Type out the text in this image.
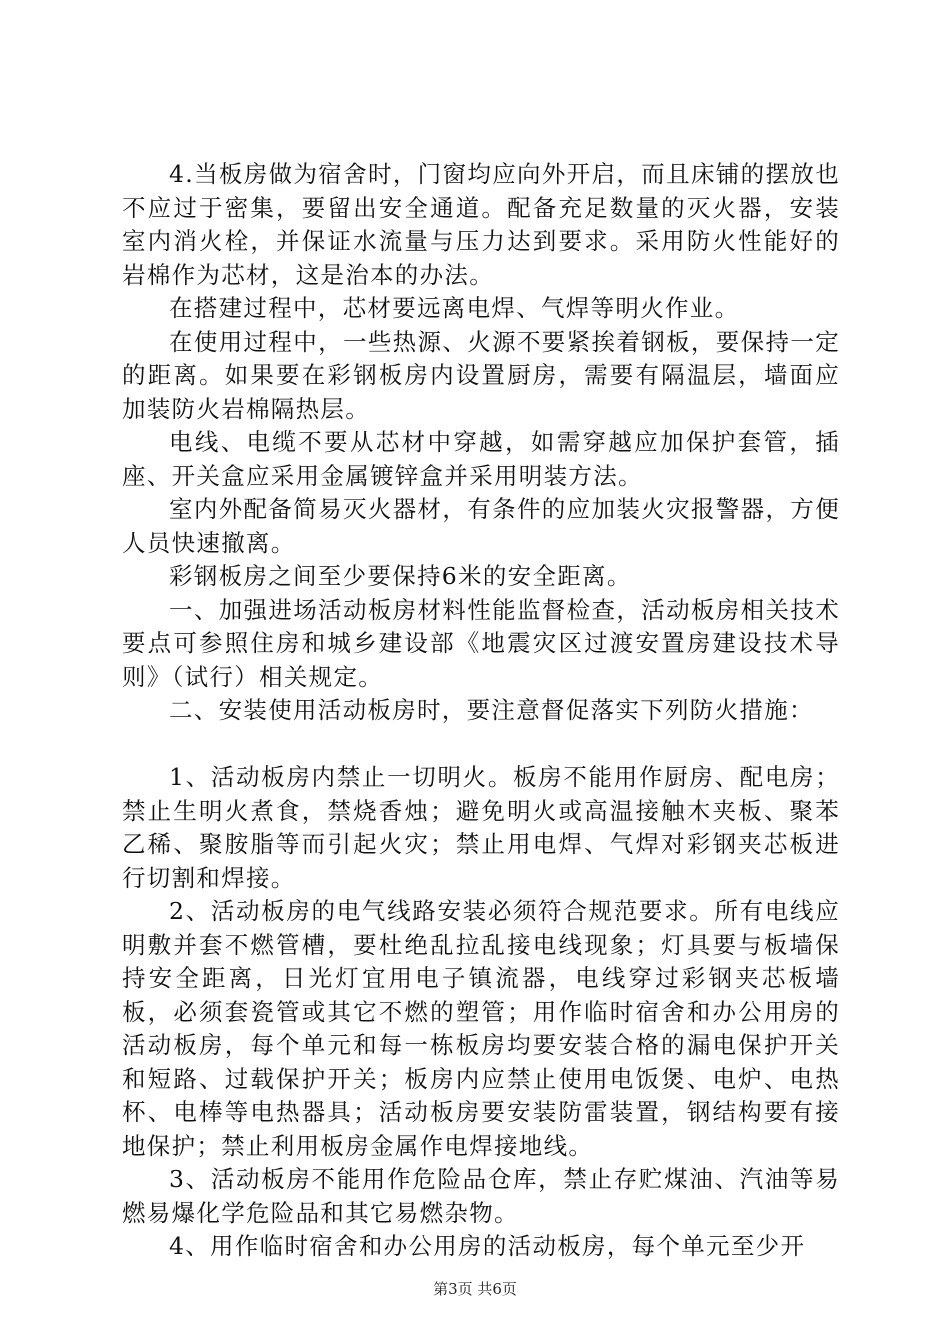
4.当板房做为宿舍时，门窗均应向外开启，而且床铺的摆放也不应过于密集，要留出安全通道。配备充足数量的灭火器，安装室内消火栓，并保证水流量与压力达到要求。采用防火性能好的岩棉作为芯材，这是治本的办法。

在搭建过程中，芯材要远离电焊、气焊等明火作业。

在使用过程中，一些热源、火源不要紧挨着钢板，要保持一定的距离。如果要在彩钢板房内设置厨房，需要有隔温层，墙面应加装防火岩棉隔热层。

电线、电缆不要从芯材中穿越，如需穿越应加保护套管，插座、开关盒应采用金属镀锌盒并采用明装方法。

室内外配备简易灭火器材，有条件的应加装火灾报警器，方便人员快速撤离。

彩钢板房之间至少要保持6米的安全距离。

一、加强进场活动板房材料性能监督检查，活动板房相关技术要点可参照住房和城乡建设部《地震灾区过渡安置房建设技术导则》（试行）相关规定。

二、安装使用活动板房时，要注意督促落实下列防火措施：

1、活动板房内禁止一切明火。板房不能用作厨房、配电房；禁止生明火煮食，禁烧香烛；避免明火或高温接触木夹板、聚苯乙稀、聚胺脂等而引起火灾；禁止用电焊、气焊对彩钢夹芯板进行切割和焊接。

2、活动板房的电气线路安装必须符合规范要求。所有电线应明敷并套不燃管槽，要杜绝乱拉乱接电线现象；灯具要与板墙保持安全距离，日光灯宜用电子镇流器，电线穿过彩钢夹芯板墙板，必须套瓷管或其它不燃的塑管；用作临时宿舍和办公用房的活动板房，每个单元和每一栋板房均要安装合格的漏电保护开关和短路、过载保护开关；板房内应禁止使用电饭煲、电炉、电热杯、电棒等电热器具；活动板房要安装防雷装置，钢结构要有接地保护；禁止利用板房金属作电焊接地线。

3、活动板房不能用作危险品仓库，禁止存贮煤油、汽油等易燃易爆化学危险品和其它易燃杂物。

4、用作临时宿舍和办公用房的活动板房，每个单元至少开

第3页 共6页
